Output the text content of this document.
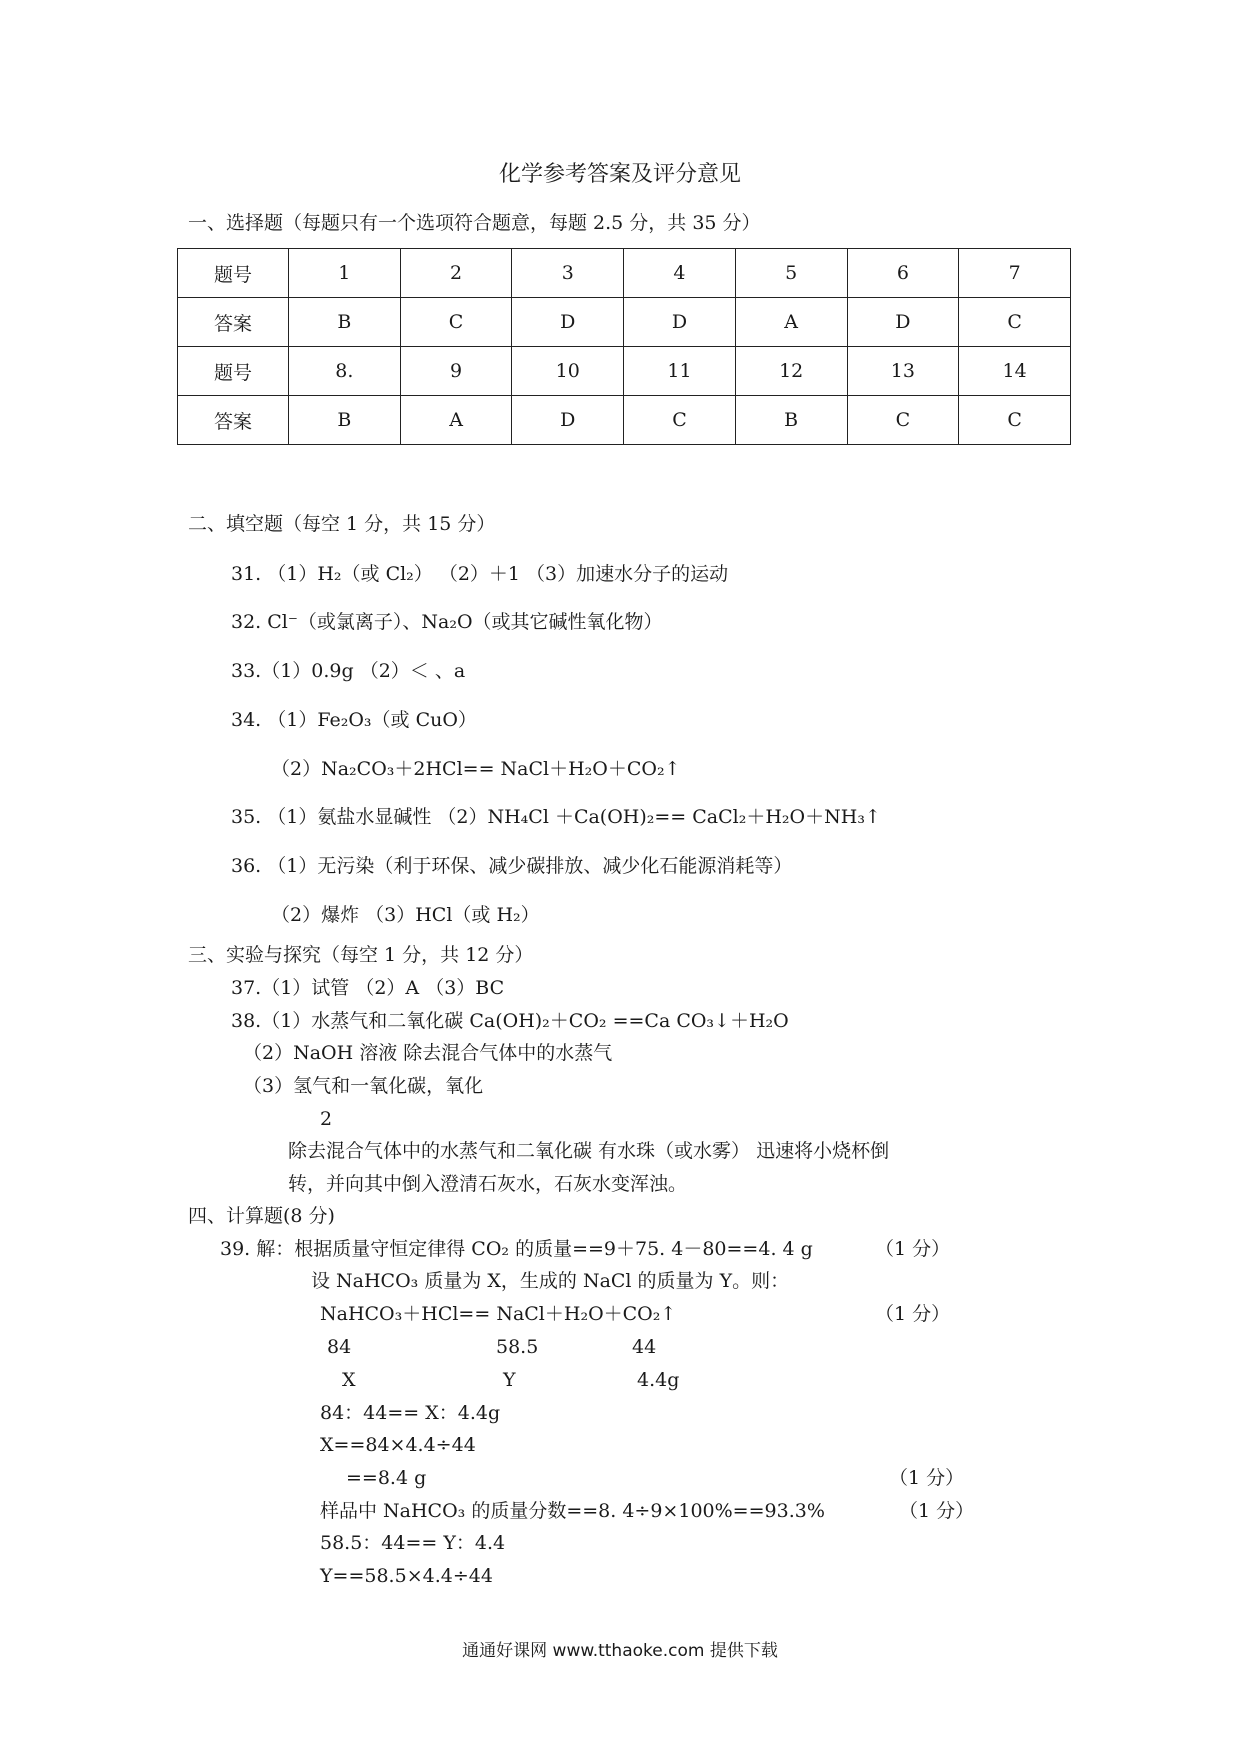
化学参考答案及评分意见
一、选择题（每题只有一个选项符合题意，每题 2.5 分，共 35 分）
题号	1	2	3	4	5	6	7
答案	B	C	D	D	A	D	C
题号	8.	9	10	11	12	13	14
答案	B	A	D	C	B	C	C
二、填空题（每空 1 分，共 15 分）
31. （1）H₂（或 Cl₂） （2）＋1 （3）加速水分子的运动
32. Cl⁻（或氯离子）、Na₂O（或其它碱性氧化物）
33.（1）0.9g （2）＜ 、a
34. （1）Fe₂O₃（或 CuO）
（2）Na₂CO₃＋2HCl== NaCl＋H₂O＋CO₂↑
35. （1）氨盐水显碱性 （2）NH₄Cl ＋Ca(OH)₂== CaCl₂＋H₂O＋NH₃↑
36. （1）无污染（利于环保、减少碳排放、减少化石能源消耗等）
（2）爆炸 （3）HCl（或 H₂）
三、实验与探究（每空 1 分，共 12 分）
37.（1）试管 （2）A （3）BC
38.（1）水蒸气和二氧化碳 Ca(OH)₂＋CO₂ ==Ca CO₃↓＋H₂O
（2）NaOH 溶液 除去混合气体中的水蒸气
（3）氢气和一氧化碳，氧化
2
除去混合气体中的水蒸气和二氧化碳 有水珠（或水雾） 迅速将小烧杯倒
转，并向其中倒入澄清石灰水，石灰水变浑浊。
四、计算题(8 分)
39. 解：根据质量守恒定律得 CO₂ 的质量==9＋75. 4－80==4. 4 g	（1 分）
设 NaHCO₃ 质量为 X，生成的 NaCl 的质量为 Y。则：
NaHCO₃＋HCl== NaCl＋H₂O＋CO₂↑	（1 分）
84	58.5	44
X	Y	4.4g
84：44== X：4.4g
X==84×4.4÷44
==8.4 g	（1 分）
样品中 NaHCO₃ 的质量分数==8. 4÷9×100%==93.3%	（1 分）
58.5：44== Y：4.4
Y==58.5×4.4÷44
通通好课网 www.tthaoke.com 提供下载
